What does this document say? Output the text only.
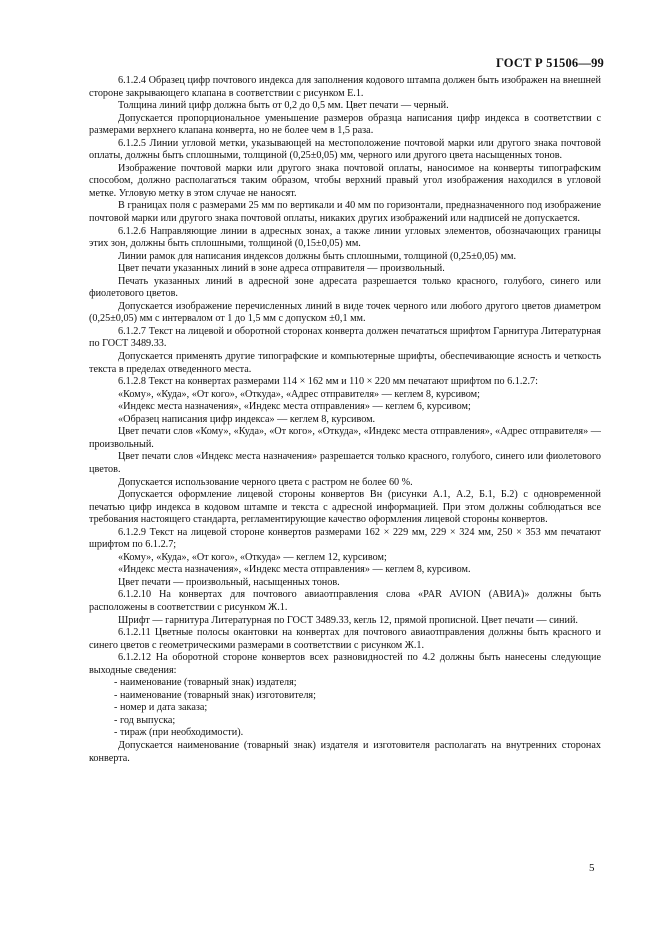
ГОСТ Р 51506—99

6.1.2.4 Образец цифр почтового индекса для заполнения кодового штампа должен быть изображен на внешней стороне закрывающего клапана в соответствии с рисунком Е.1.

Толщина линий цифр должна быть от 0,2 до 0,5 мм. Цвет печати — черный.

Допускается пропорциональное уменьшение размеров образца написания цифр индекса в соответствии с размерами верхнего клапана конверта, но не более чем в 1,5 раза.

6.1.2.5 Линии угловой метки, указывающей на местоположение почтовой марки или другого знака почтовой оплаты, должны быть сплошными, толщиной (0,25±0,05) мм, черного или другого цвета насыщенных тонов.

Изображение почтовой марки или другого знака почтовой оплаты, наносимое на конверты типографским способом, должно располагаться таким образом, чтобы верхний правый угол изображения находился в угловой метке. Угловую метку в этом случае не наносят.

В границах поля с размерами 25 мм по вертикали и 40 мм по горизонтали, предназначенного под изображение почтовой марки или другого знака почтовой оплаты, никаких других изображений или надписей не допускается.

6.1.2.6 Направляющие линии в адресных зонах, а также линии угловых элементов, обозначающих границы этих зон, должны быть сплошными, толщиной (0,15±0,05) мм.

Линии рамок для написания индексов должны быть сплошными, толщиной (0,25±0,05) мм.

Цвет печати указанных линий в зоне адреса отправителя — произвольный.

Печать указанных линий в адресной зоне адресата разрешается только красного, голубого, синего или фиолетового цветов.

Допускается изображение перечисленных линий в виде точек черного или любого другого цветов диаметром (0,25±0,05) мм с интервалом от 1 до 1,5 мм с допуском ±0,1 мм.

6.1.2.7 Текст на лицевой и оборотной сторонах конверта должен печататься шрифтом Гарнитура Литературная по ГОСТ 3489.33.

Допускается применять другие типографские и компьютерные шрифты, обеспечивающие ясность и четкость текста в пределах отведенного места.

6.1.2.8 Текст на конвертах размерами 114 × 162 мм и 110 × 220 мм печатают шрифтом по 6.1.2.7:

«Кому», «Куда», «От кого», «Откуда», «Адрес отправителя» — кеглем 8, курсивом;

«Индекс места назначения», «Индекс места отправления» — кеглем 6, курсивом;

«Образец написания цифр индекса» — кеглем 8, курсивом.

Цвет печати слов «Кому», «Куда», «От кого», «Откуда», «Индекс места отправления», «Адрес отправителя» — произвольный.

Цвет печати слов «Индекс места назначения» разрешается только красного, голубого, синего или фиолетового цветов.

Допускается использование черного цвета с растром не более 60 %.

Допускается оформление лицевой стороны конвертов Вн (рисунки А.1, А.2, Б.1, Б.2) с одновременной печатью цифр индекса в кодовом штампе и текста с адресной информацией. При этом должны соблюдаться все требования настоящего стандарта, регламентирующие качество оформления лицевой стороны конвертов.

6.1.2.9 Текст на лицевой стороне конвертов размерами 162 × 229 мм, 229 × 324 мм, 250 × 353 мм печатают шрифтом по 6.1.2.7;

«Кому», «Куда», «От кого», «Откуда» — кеглем 12, курсивом;

«Индекс места назначения», «Индекс места отправления» — кеглем 8, курсивом.

Цвет печати — произвольный, насыщенных тонов.

6.1.2.10 На конвертах для почтового авиаотправления слова «PAR AVION (АВИА)» должны быть расположены в соответствии с рисунком Ж.1.

Шрифт — гарнитура Литературная по ГОСТ 3489.33, кегль 12, прямой прописной. Цвет печати — синий.

6.1.2.11 Цветные полосы окантовки на конвертах для почтового авиаотправления должны быть красного и синего цветов с геометрическими размерами в соответствии с рисунком Ж.1.

6.1.2.12 На оборотной стороне конвертов всех разновидностей по 4.2 должны быть нанесены следующие выходные сведения:

- наименование (товарный знак) издателя;

- наименование (товарный знак) изготовителя;

- номер и дата заказа;

- год выпуска;

- тираж (при необходимости).

Допускается наименование (товарный знак) издателя и изготовителя располагать на внутренних сторонах конверта.

5
